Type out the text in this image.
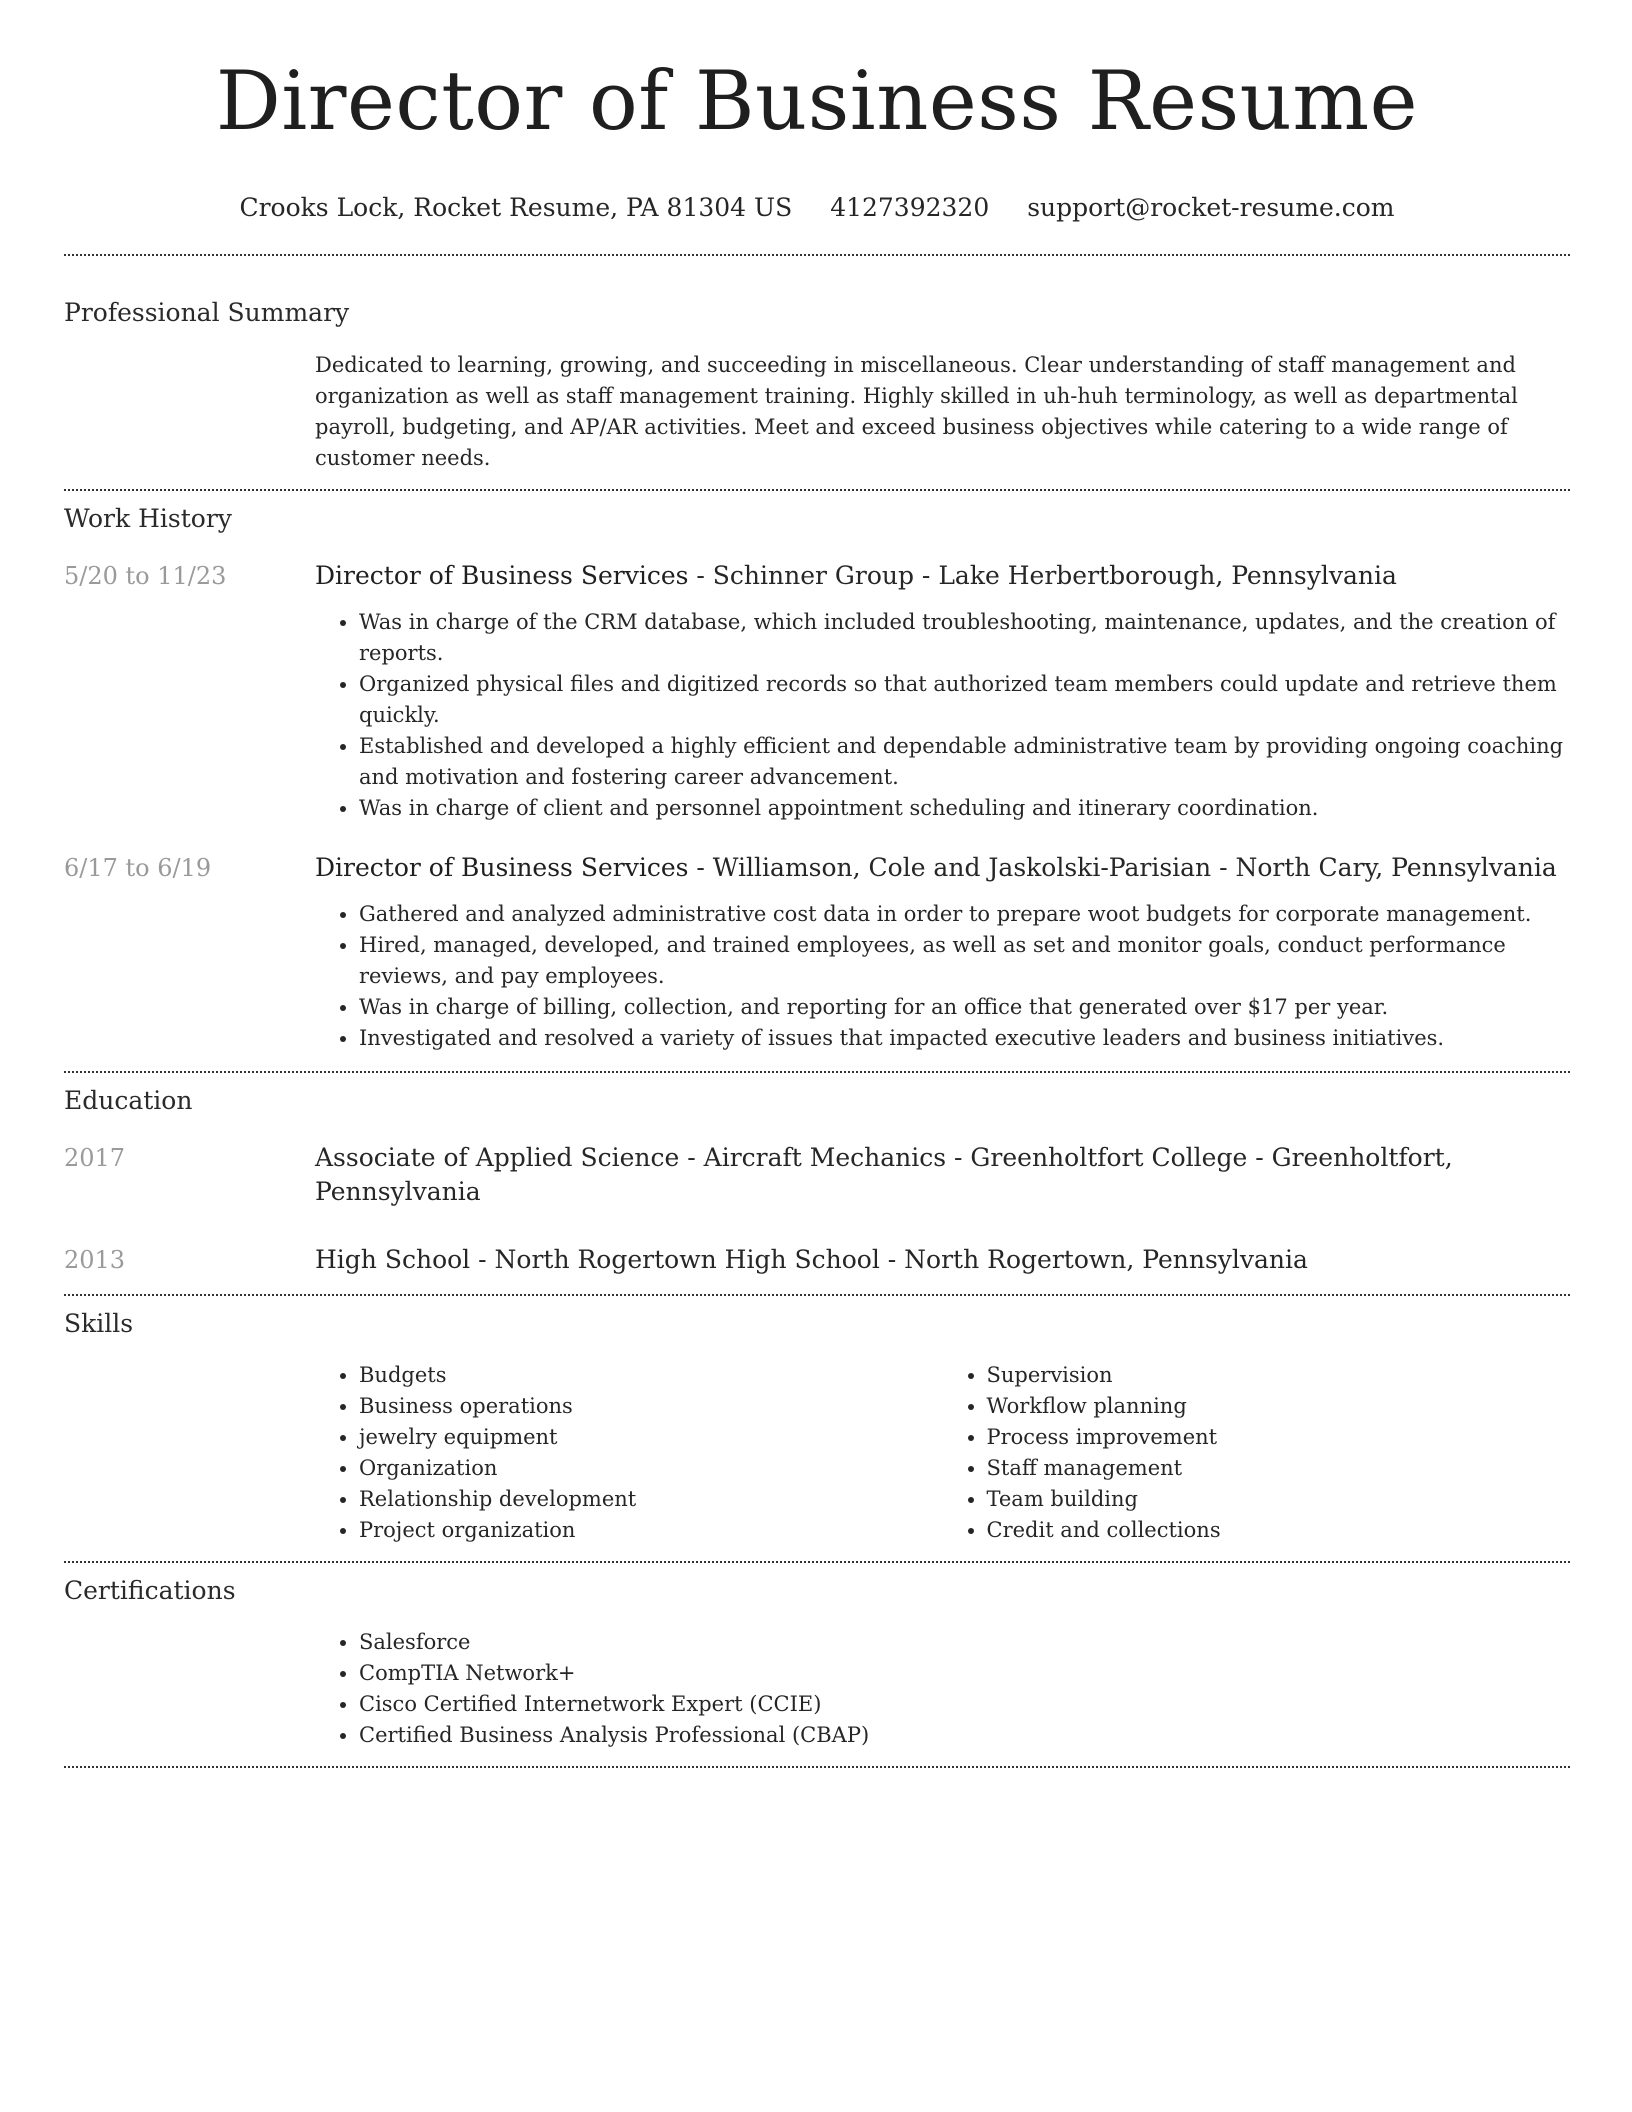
Director of Business Resume
Crooks Lock, Rocket Resume, PA 81304 US 4127392320 support@rocket-resume.com
Professional Summary

Dedicated to learning, growing, and succeeding in miscellaneous. Clear understanding of staff management and organization as well as staff management training. Highly skilled in uh-huh terminology, as well as departmental payroll, budgeting, and AP/AR activities. Meet and exceed business objectives while catering to a wide range of customer needs.

Work History
5/20 to 11/23	Director of Business Services - Schinner Group - Lake Herbertborough, Pennsylvania
• Was in charge of the CRM database, which included troubleshooting, maintenance, updates, and the creation of reports.
• Organized physical files and digitized records so that authorized team members could update and retrieve them quickly.
• Established and developed a highly efficient and dependable administrative team by providing ongoing coaching and motivation and fostering career advancement.
• Was in charge of client and personnel appointment scheduling and itinerary coordination.
6/17 to 6/19	Director of Business Services - Williamson, Cole and Jaskolski-Parisian - North Cary, Pennsylvania
• Gathered and analyzed administrative cost data in order to prepare woot budgets for corporate management.
• Hired, managed, developed, and trained employees, as well as set and monitor goals, conduct performance reviews, and pay employees.
• Was in charge of billing, collection, and reporting for an office that generated over $17 per year.
• Investigated and resolved a variety of issues that impacted executive leaders and business initiatives.
Education
2017	Associate of Applied Science - Aircraft Mechanics - Greenholtfort College - Greenholtfort, Pennsylvania
2013	High School - North Rogertown High School - North Rogertown, Pennsylvania
Skills
• Budgets
• Business operations
• jewelry equipment
• Organization
• Relationship development
• Project organization
• Supervision
• Workflow planning
• Process improvement
• Staff management
• Team building
• Credit and collections
Certifications
• Salesforce
• CompTIA Network+
• Cisco Certified Internetwork Expert (CCIE)
• Certified Business Analysis Professional (CBAP)
